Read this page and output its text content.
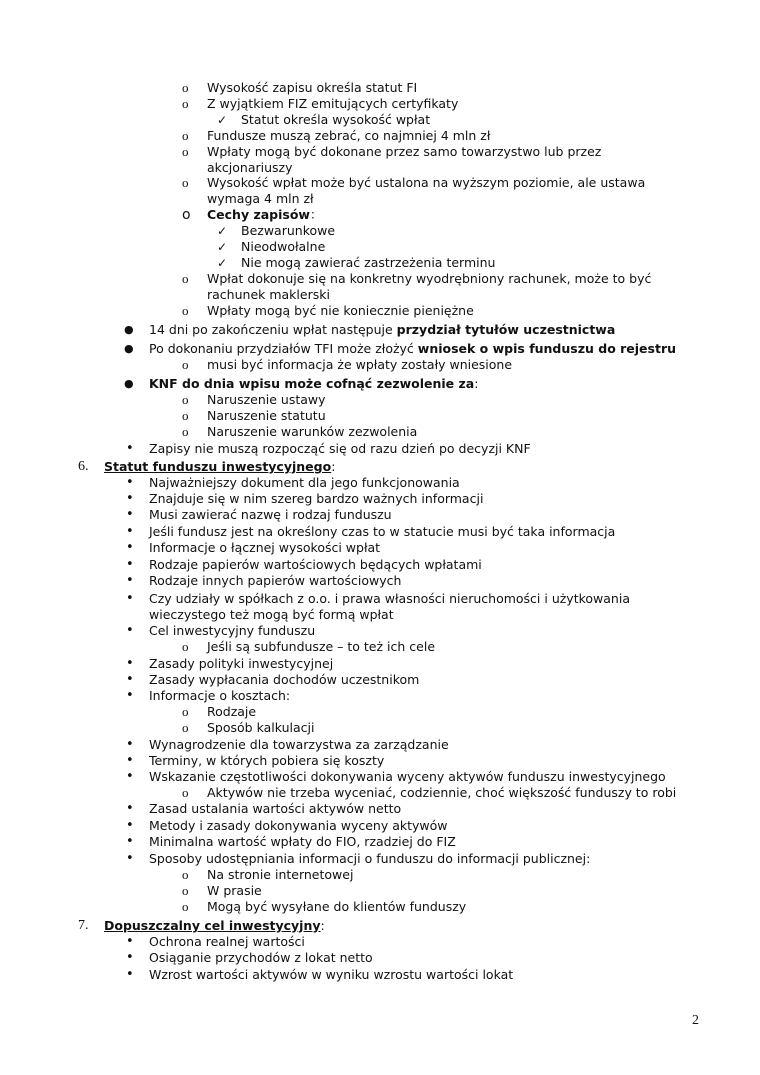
o Wysokość zapisu określa statut FI
o Z wyjątkiem FIZ emitujących certyfikaty
✓ Statut określa wysokość wpłat
o Fundusze muszą zebrać, co najmniej 4 mln zł
o Wpłaty mogą być dokonane przez samo towarzystwo lub przez
akcjonariuszy
o Wysokość wpłat może być ustalona na wyższym poziomie, ale ustawa
wymaga 4 mln zł
o Cechy zapisów：
✓ Bezwarunkowe
✓ Nieodwołalne
✓ Nie mogą zawierać zastrzeżenia terminu
o Wpłat dokonuje się na konkretny wyodrębniony rachunek, może to być
rachunek maklerski
o Wpłaty mogą być nie koniecznie pieniężne
● 14 dni po zakończeniu wpłat następuje przydział tytułów uczestnictwa
● Po dokonaniu przydziałów TFI może złożyć wniosek o wpis funduszu do rejestru
o musi być informacja że wpłaty zostały wniesione
● KNF do dnia wpisu może cofnąć zezwolenie za:
o Naruszenie ustawy
o Naruszenie statutu
o Naruszenie warunków zezwolenia
• Zapisy nie muszą rozpocząć się od razu dzień po decyzji KNF
6. Statut funduszu inwestycyjnego:
• Najważniejszy dokument dla jego funkcjonowania
• Znajduje się w nim szereg bardzo ważnych informacji
• Musi zawierać nazwę i rodzaj funduszu
• Jeśli fundusz jest na określony czas to w statucie musi być taka informacja
• Informacje o łącznej wysokości wpłat
• Rodzaje papierów wartościowych będących wpłatami
• Rodzaje innych papierów wartościowych
• Czy udziały w spółkach z o.o. i prawa własności nieruchomości i użytkowania
wieczystego też mogą być formą wpłat
• Cel inwestycyjny funduszu
o Jeśli są subfundusze – to też ich cele
• Zasady polityki inwestycyjnej
• Zasady wypłacania dochodów uczestnikom
• Informacje o kosztach:
o Rodzaje
o Sposób kalkulacji
• Wynagrodzenie dla towarzystwa za zarządzanie
• Terminy, w których pobiera się koszty
• Wskazanie częstotliwości dokonywania wyceny aktywów funduszu inwestycyjnego
o Aktywów nie trzeba wyceniać, codziennie, choć większość funduszy to robi
• Zasad ustalania wartości aktywów netto
• Metody i zasady dokonywania wyceny aktywów
• Minimalna wartość wpłaty do FIO, rzadziej do FIZ
• Sposoby udostępniania informacji o funduszu do informacji publicznej:
o Na stronie internetowej
o W prasie
o Mogą być wysyłane do klientów funduszy
7. Dopuszczalny cel inwestycyjny:
• Ochrona realnej wartości
• Osiąganie przychodów z lokat netto
• Wzrost wartości aktywów w wyniku wzrostu wartości lokat
2
